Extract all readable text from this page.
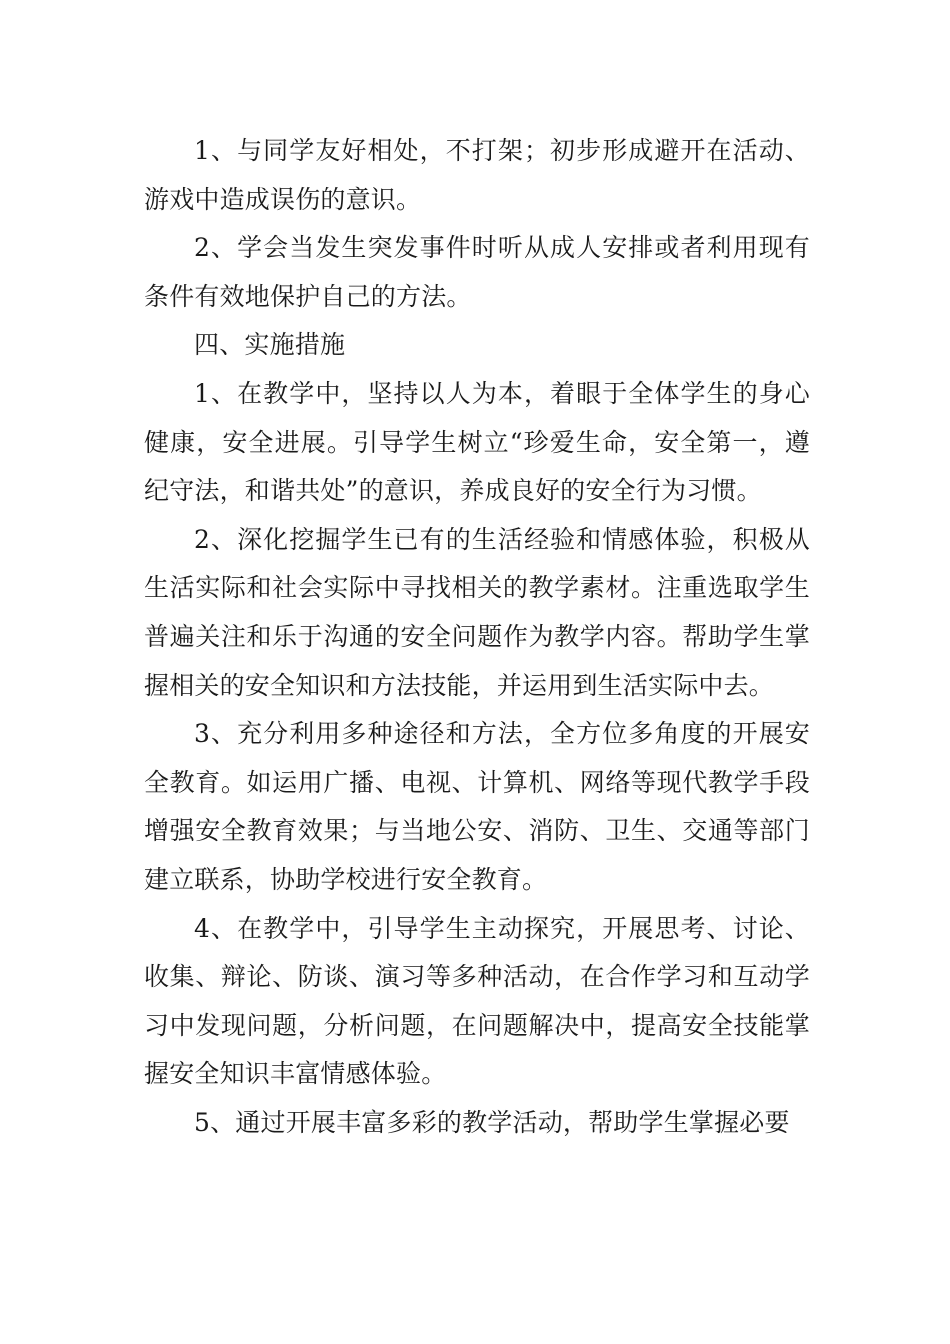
1、与同学友好相处，不打架；初步形成避开在活动、游戏中造成误伤的意识。

2、学会当发生突发事件时听从成人安排或者利用现有条件有效地保护自己的方法。

四、实施措施

1、在教学中，坚持以人为本，着眼于全体学生的身心健康，安全进展。引导学生树立“珍爱生命，安全第一，遵纪守法，和谐共处”的意识，养成良好的安全行为习惯。

2、深化挖掘学生已有的生活经验和情感体验，积极从生活实际和社会实际中寻找相关的教学素材。注重选取学生普遍关注和乐于沟通的安全问题作为教学内容。帮助学生掌握相关的安全知识和方法技能，并运用到生活实际中去。

3、充分利用多种途径和方法，全方位多角度的开展安全教育。如运用广播、电视、计算机、网络等现代教学手段增强安全教育效果；与当地公安、消防、卫生、交通等部门建立联系，协助学校进行安全教育。

4、在教学中，引导学生主动探究，开展思考、讨论、收集、辩论、防谈、演习等多种活动，在合作学习和互动学习中发现问题，分析问题，在问题解决中，提高安全技能掌握安全知识丰富情感体验。

5、通过开展丰富多彩的教学活动，帮助学生掌握必要
